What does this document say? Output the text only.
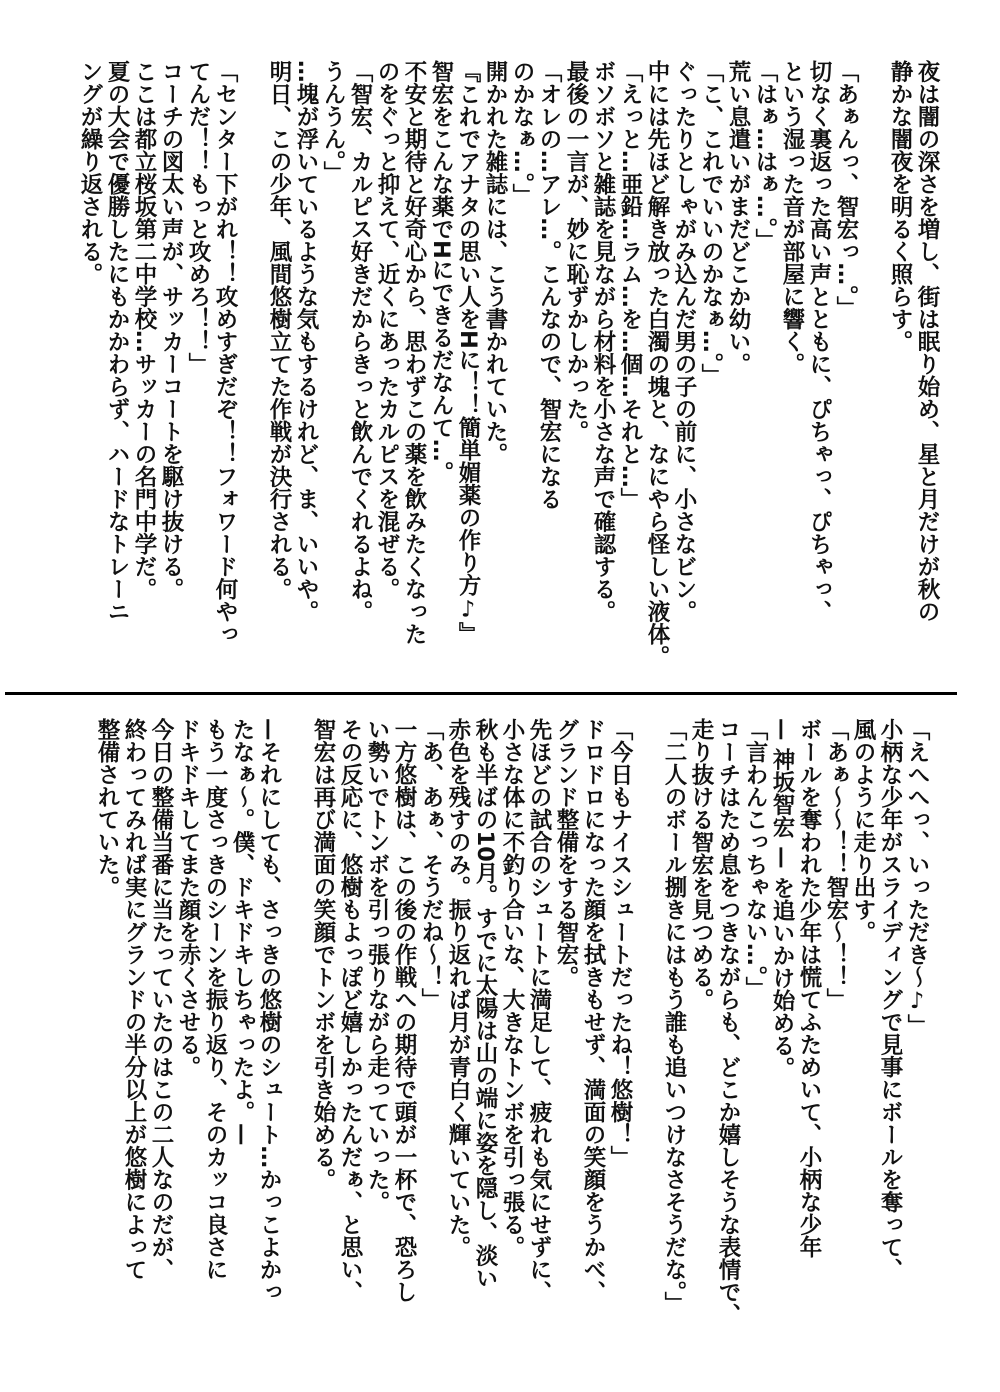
夜は闇の深さを増し、街は眠り始め、星と月だけが秋の
静かな闇夜を明るく照らす。
「あぁんっ、智宏っ…。」
切なく裏返った高い声とともに、ぴちゃっ、ぴちゃっ、
という湿った音が部屋に響く。
「はぁ…はぁ…。」
荒い息遣いがまだどこか幼い。
「こ、これでいいのかなぁ…。」
ぐったりとしゃがみ込んだ男の子の前に、小さなビン。
中には先ほど解き放った白濁の塊と、なにやら怪しい液体。
「えっと…亜鉛…ラム…を…個…それと…」
ボソボソと雑誌を見ながら材料を小さな声で確認する。
最後の一言が、妙に恥ずかしかった。
「オレの…アレ…。こんなので、智宏になる
のかなぁ…。」
開かれた雑誌には、こう書かれていた。
『これでアナタの思い人をHに！！簡単媚薬の作り方♪』
智宏をこんな薬でHにできるだなんて…。
不安と期待と好奇心から、思わずこの薬を飲みたくなった
のをぐっと抑えて、近くにあったカルピスを混ぜる。
「智宏、カルピス好きだからきっと飲んでくれるよね。
うんうん。」
…塊が浮いているような気もするけれど、ま、いいや。
明日、この少年、風間悠樹立てた作戦が決行される。
「センター下がれ！！攻めすぎだぞ！！フォワード何やっ
てんだ！！もっと攻めろ！！」
コーチの図太い声が、サッカーコートを駆け抜ける。
ここは都立桜坂第二中学校…サッカーの名門中学だ。
夏の大会で優勝したにもかかわらず、ハードなトレーニ
ングが繰り返される。
「えへへっ、いっただき〜♪」
小柄な少年がスライディングで見事にボールを奪って、
風のように走り出す。
「あぁ〜〜！！智宏〜！！」
ボールを奪われた少年は慌てふためいて、小柄な少年
— 神坂智宏 — を追いかけ始める。
「言わんこっちゃない…。」
コーチはため息をつきながらも、どこか嬉しそうな表情で、
走り抜ける智宏を見つめる。
「二人のボール捌きにはもう誰も追いつけなさそうだな。」
「今日もナイスシュートだったね！悠樹！」
ドロドロになった顔を拭きもせず、満面の笑顔をうかべ、
グランド整備をする智宏。
先ほどの試合のシュートに満足して、疲れも気にせずに、
小さな体に不釣り合いな、大きなトンボを引っ張る。
秋も半ばの10月。すでに太陽は山の端に姿を隠し、淡い
赤色を残すのみ。振り返れば月が青白く輝いていた。
「あ、あぁ、そうだね〜！」
一方悠樹は、この後の作戦への期待で頭が一杯で、恐ろし
い勢いでトンボを引っ張りながら走っていった。
その反応に、悠樹もよっぽど嬉しかったんだぁ、と思い、
智宏は再び満面の笑顔でトンボを引き始める。
—それにしても、さっきの悠樹のシュート…かっこよかっ
たなぁ〜。僕、ドキドキしちゃったよ。—
もう一度さっきのシーンを振り返り、そのカッコ良さに
ドキドキしてまた顔を赤くさせる。
今日の整備当番に当たっていたのはこの二人なのだが、
終わってみれば実にグランドの半分以上が悠樹によって
整備されていた。
